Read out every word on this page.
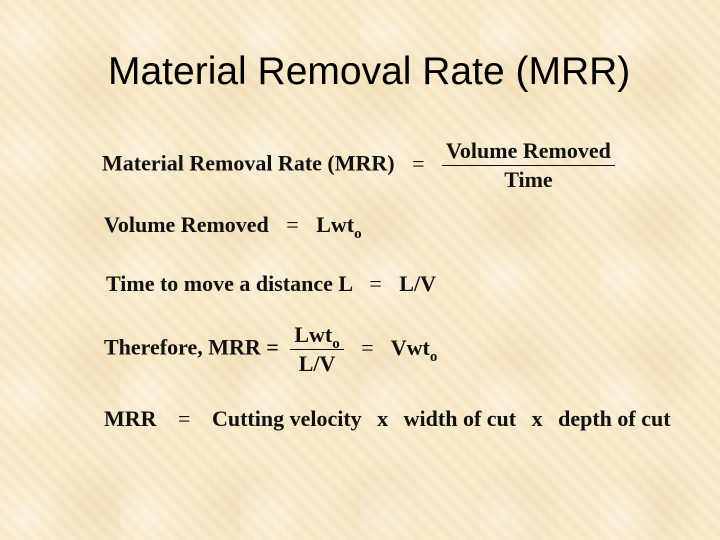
Material Removal Rate (MRR)
Material Removal Rate $(MRR) = \frac{\text{Volume Removed}}{\text{Time}}$
Volume Removed = Lwt$_o$
Time to move a distance L = L/V
Therefore, MRR = $\frac{Lwt_o}{L/V} = Vwt_o$
MRR = Cutting velocity x width of cut x depth of cut
